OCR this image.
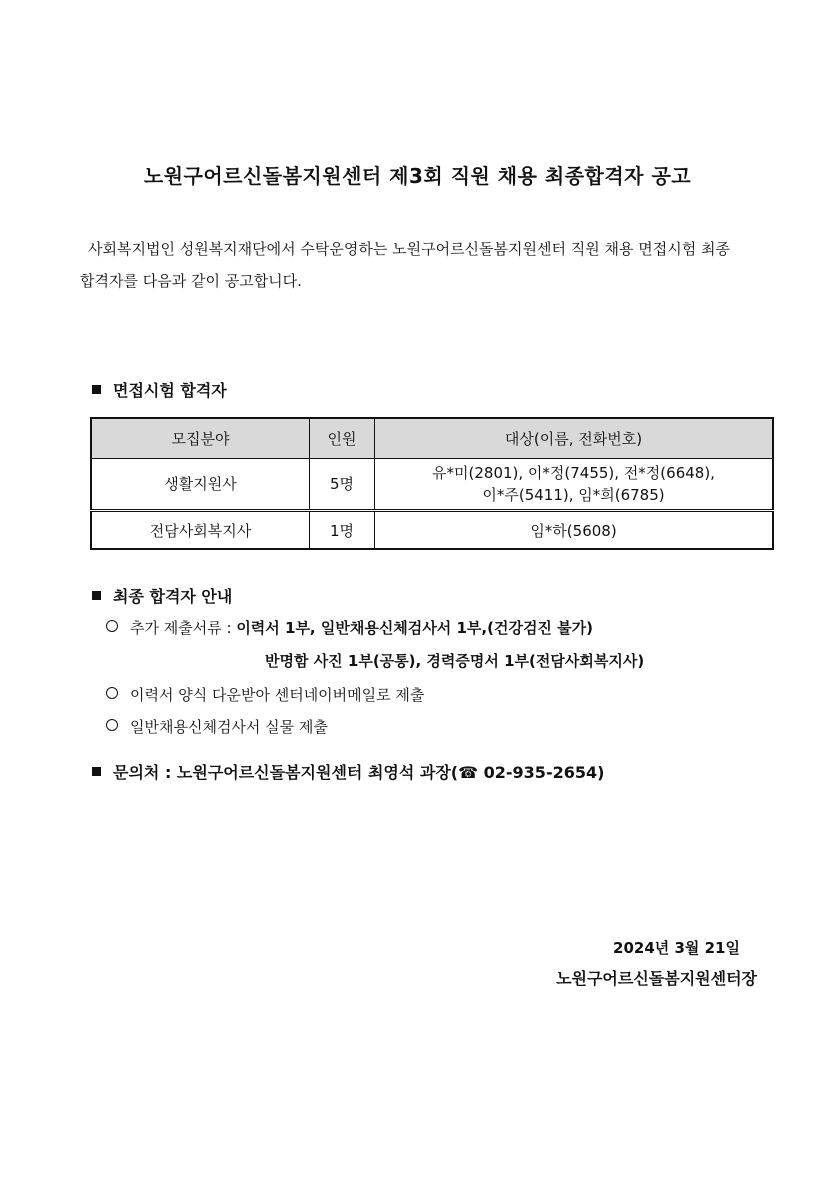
노원구어르신돌봄지원센터 제3회 직원 채용 최종합격자 공고
사회복지법인 성원복지재단에서 수탁운영하는 노원구어르신돌봄지원센터 직원 채용 면접시험 최종
합격자를 다음과 같이 공고합니다.
면접시험 합격자
모집분야	인원	대상(이름, 전화번호)
생활지원사	5명	유*미(2801), 이*정(7455), 전*정(6648),
이*주(5411), 임*희(6785)

전담사회복지사	1명	임*하(5608)
최종 합격자 안내
추가 제출서류 : 이력서 1부, 일반채용신체검사서 1부,(건강검진 불가)
반명함 사진 1부(공통), 경력증명서 1부(전담사회복지사)
이력서 양식 다운받아 센터네이버메일로 제출
일반채용신체검사서 실물 제출
문의처 : 노원구어르신돌봄지원센터 최영석 과장(☎ 02-935-2654)
2024년 3월 21일
노원구어르신돌봄지원센터장
